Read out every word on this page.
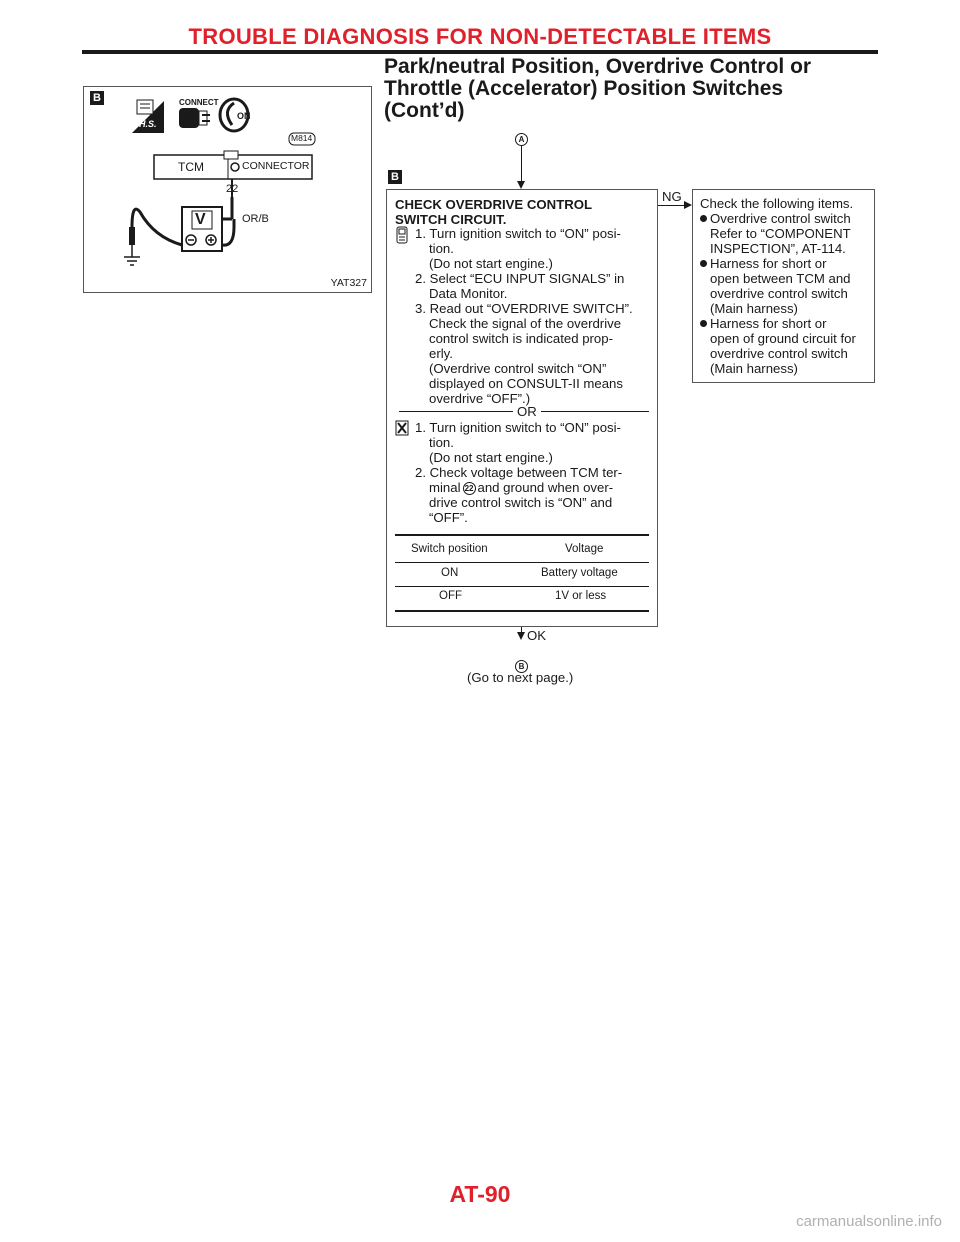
TROUBLE DIAGNOSIS FOR NON-DETECTABLE ITEMS
Park/neutral Position, Overdrive Control or
Throttle (Accelerator) Position Switches
(Cont’d)
B	CONNECT
H.S.
ON
M814
TCM	CONNECTOR
22
V	OR/B
YAT327
A
B
CHECK OVERDRIVE CONTROL
SWITCH CIRCUIT.
1. Turn ignition switch to “ON” posi-
tion.
(Do not start engine.)
2. Select “ECU INPUT SIGNALS” in
Data Monitor.
3. Read out “OVERDRIVE SWITCH”.
Check the signal of the overdrive
control switch is indicated prop-
erly.
(Overdrive control switch “ON”
displayed on CONSULT-II means
overdrive “OFF”.)
OR
1. Turn ignition switch to “ON” posi-
tion.
(Do not start engine.)
2. Check voltage between TCM ter-
minal 22 and ground when over-
drive control switch is “ON” and
“OFF”.
Switch position	Voltage
ON	Battery voltage
OFF	1V or less
NG Check the following items.
Overdrive control switch
Refer to “COMPONENT
INSPECTION”, AT-114.
Harness for short or
open between TCM and
overdrive control switch
(Main harness)
Harness for short or
open of ground circuit for
overdrive control switch
(Main harness)
OK
B
(Go to next page.)
AT-90
carmanualsonline.info
